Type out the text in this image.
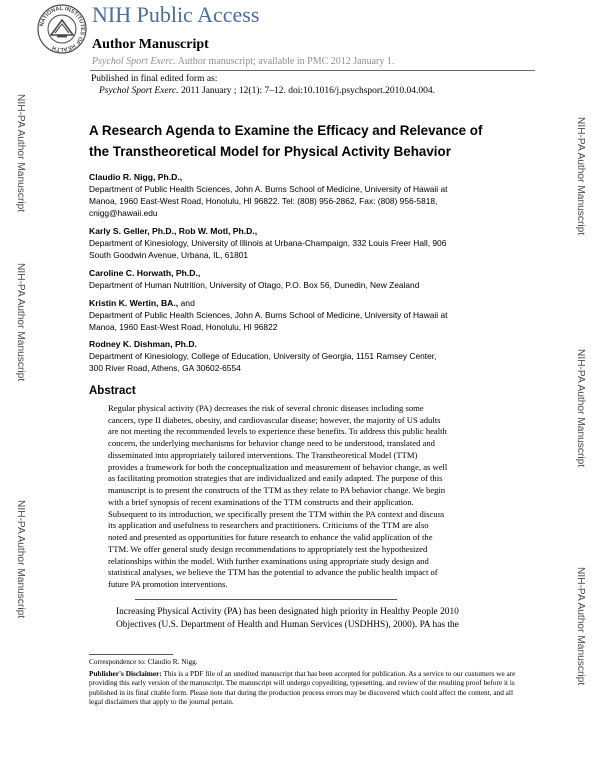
NATIONAL INSTITUTES OF HEALTH
NIH Public Access
Author Manuscript
Psychol Sport Exerc. Author manuscript; available in PMC 2012 January 1.
Published in final edited form as:
Psychol Sport Exerc. 2011 January ; 12(1): 7–12. doi:10.1016/j.psychsport.2010.04.004.
NIH-PA Author Manuscript
NIH-PA Author Manuscript
NIH-PA Author Manuscript
NIH-PA Author Manuscript
NIH-PA Author Manuscript
NIH-PA Author Manuscript
A Research Agenda to Examine the Efficacy and Relevance of
the Transtheoretical Model for Physical Activity Behavior
Claudio R. Nigg, Ph.D.,
Department of Public Health Sciences, John A. Burns School of Medicine, University of Hawaii at
Manoa, 1960 East-West Road, Honolulu, HI 96822. Tel: (808) 956-2862, Fax: (808) 956-5818,
cnigg@hawaii.edu
Karly S. Geller, Ph.D., Rob W. Motl, Ph.D.,
Department of Kinesiology, University of Illinois at Urbana-Champaign, 332 Louis Freer Hall, 906
South Goodwin Avenue, Urbana, IL, 61801
Caroline C. Horwath, Ph.D.,
Department of Human Nutrition, University of Otago, P.O. Box 56, Dunedin, New Zealand
Kristin K. Wertin, BA., and
Department of Public Health Sciences, John A. Burns School of Medicine, University of Hawaii at
Manoa, 1960 East-West Road, Honolulu, HI 96822
Rodney K. Dishman, Ph.D.
Department of Kinesiology, College of Education, University of Georgia, 1151 Ramsey Center,
300 River Road, Athens, GA 30602-6554
Abstract
Regular physical activity (PA) decreases the risk of several chronic diseases including some
cancers, type II diabetes, obesity, and cardiovascular disease; however, the majority of US adults
are not meeting the recommended levels to experience these benefits. To address this public health
concern, the underlying mechanisms for behavior change need to be understood, translated and
disseminated into appropriately tailored interventions. The Transtheoretical Model (TTM)
provides a framework for both the conceptualization and measurement of behavior change, as well
as facilitating promotion strategies that are individualized and easily adapted. The purpose of this
manuscript is to present the constructs of the TTM as they relate to PA behavior change. We begin
with a brief synopsis of recent examinations of the TTM constructs and their application.
Subsequent to its introduction, we specifically present the TTM within the PA context and discuss
its application and usefulness to researchers and practitioners. Criticisms of the TTM are also
noted and presented as opportunities for future research to enhance the valid application of the
TTM. We offer general study design recommendations to appropriately test the hypothesized
relationships within the model. With further examinations using appropriate study design and
statistical analyses, we believe the TTM has the potential to advance the public health impact of
future PA promotion interventions.
Increasing Physical Activity (PA) has been designated high priority in Healthy People 2010
Objectives (U.S. Department of Health and Human Services (USDHHS), 2000). PA has the
Correspondence to: Claudio R. Nigg.
Publisher's Disclaimer: This is a PDF file of an unedited manuscript that has been accepted for publication. As a service to our customers we are providing this early version of the manuscript. The manuscript will undergo copyediting, typesetting, and review of the resulting proof before it is published in its final citable form. Please note that during the production process errors may be discovered which could affect the content, and all legal disclaimers that apply to the journal pertain.
